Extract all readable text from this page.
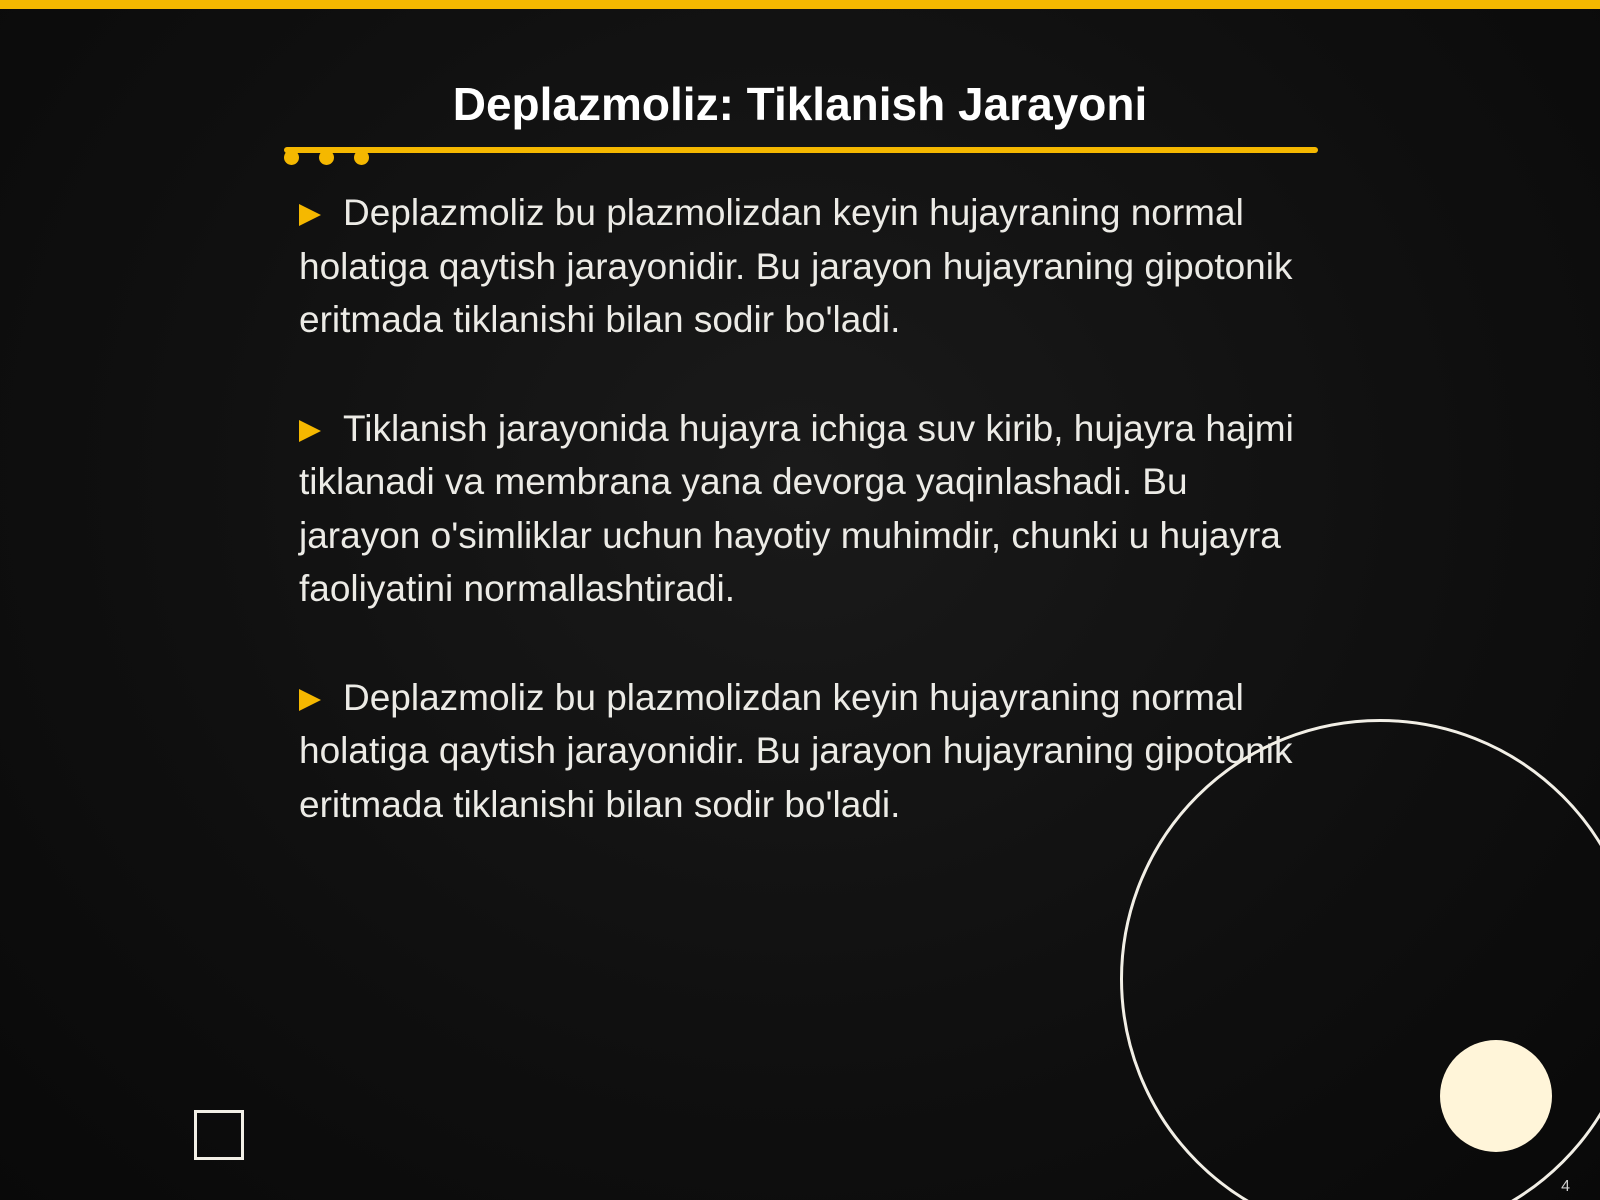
Deplazmoliz: Tiklanish Jarayoni

Deplazmoliz bu plazmolizdan keyin hujayraning normal holatiga qaytish jarayonidir. Bu jarayon hujayraning gipotonik eritmada tiklanishi bilan sodir bo'ladi.

Tiklanish jarayonida hujayra ichiga suv kirib, hujayra hajmi tiklanadi va membrana yana devorga yaqinlashadi. Bu jarayon o'simliklar uchun hayotiy muhimdir, chunki u hujayra faoliyatini normallashtiradi.

Deplazmoliz bu plazmolizdan keyin hujayraning normal holatiga qaytish jarayonidir. Bu jarayon hujayraning gipotonik eritmada tiklanishi bilan sodir bo'ladi.

4
